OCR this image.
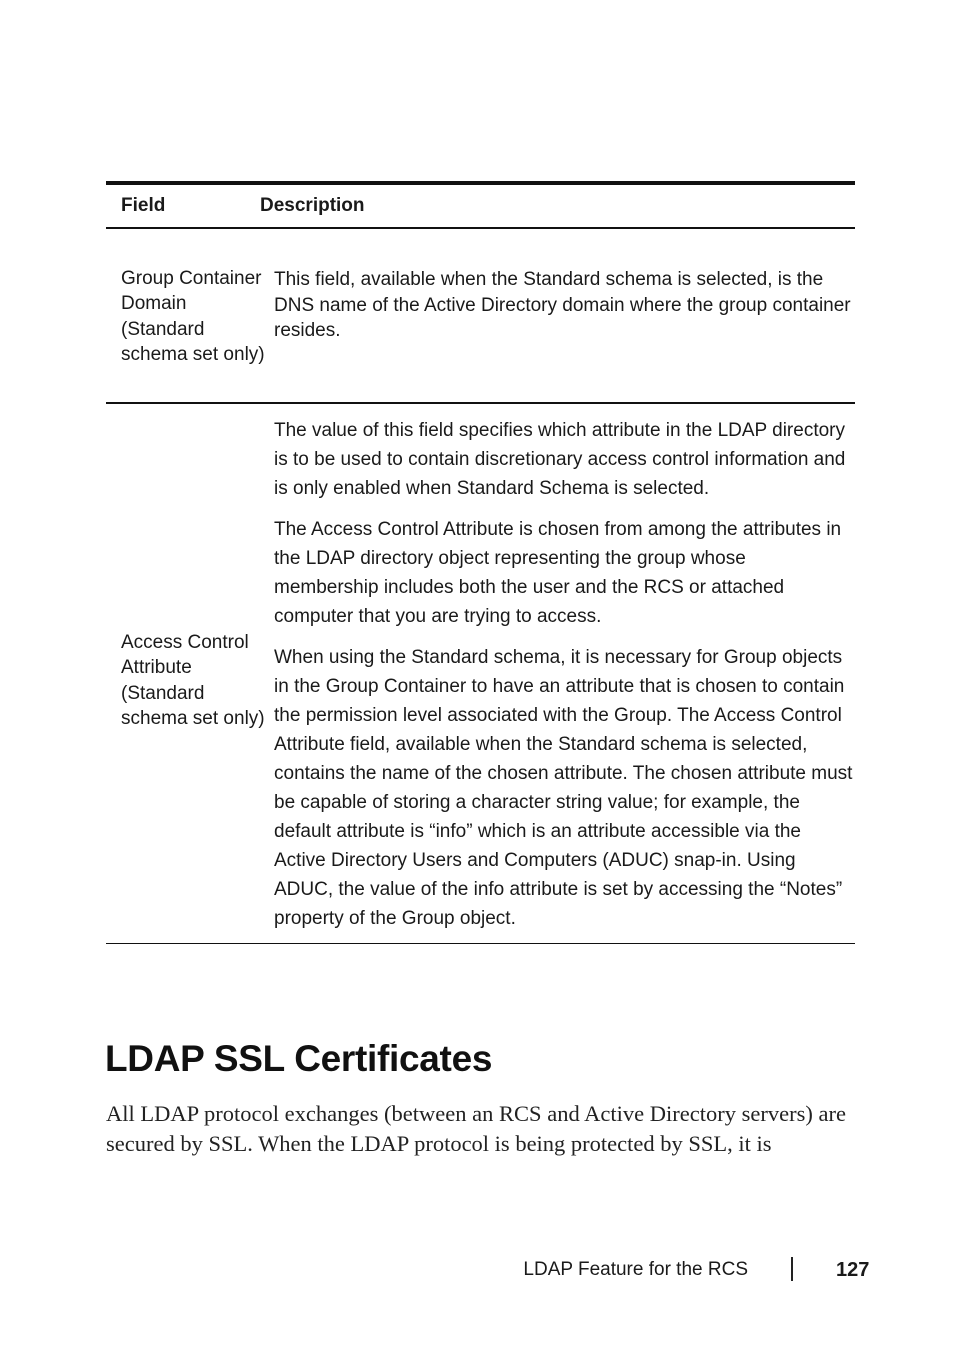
Field	Description
Group Container Domain (Standard schema set only)
This field, available when the Standard schema is selected, is the DNS name of the Active Directory domain where the group container resides.
Access Control Attribute (Standard schema set only)

The value of this field specifies which attribute in the LDAP directory is to be used to contain discretionary access control information and is only enabled when Standard Schema is selected.

The Access Control Attribute is chosen from among the attributes in the LDAP directory object representing the group whose membership includes both the user and the RCS or attached computer that you are trying to access.

When using the Standard schema, it is necessary for Group objects in the Group Container to have an attribute that is chosen to contain the permission level associated with the Group. The Access Control Attribute field, available when the Standard schema is selected, contains the name of the chosen attribute. The chosen attribute must be capable of storing a character string value; for example, the default attribute is “info” which is an attribute accessible via the Active Directory Users and Computers (ADUC) snap-in. Using ADUC, the value of the info attribute is set by accessing the “Notes” property of the Group object.

LDAP SSL Certificates

All LDAP protocol exchanges (between an RCS and Active Directory servers) are secured by SSL. When the LDAP protocol is being protected by SSL, it is

LDAP Feature for the RCS	127
